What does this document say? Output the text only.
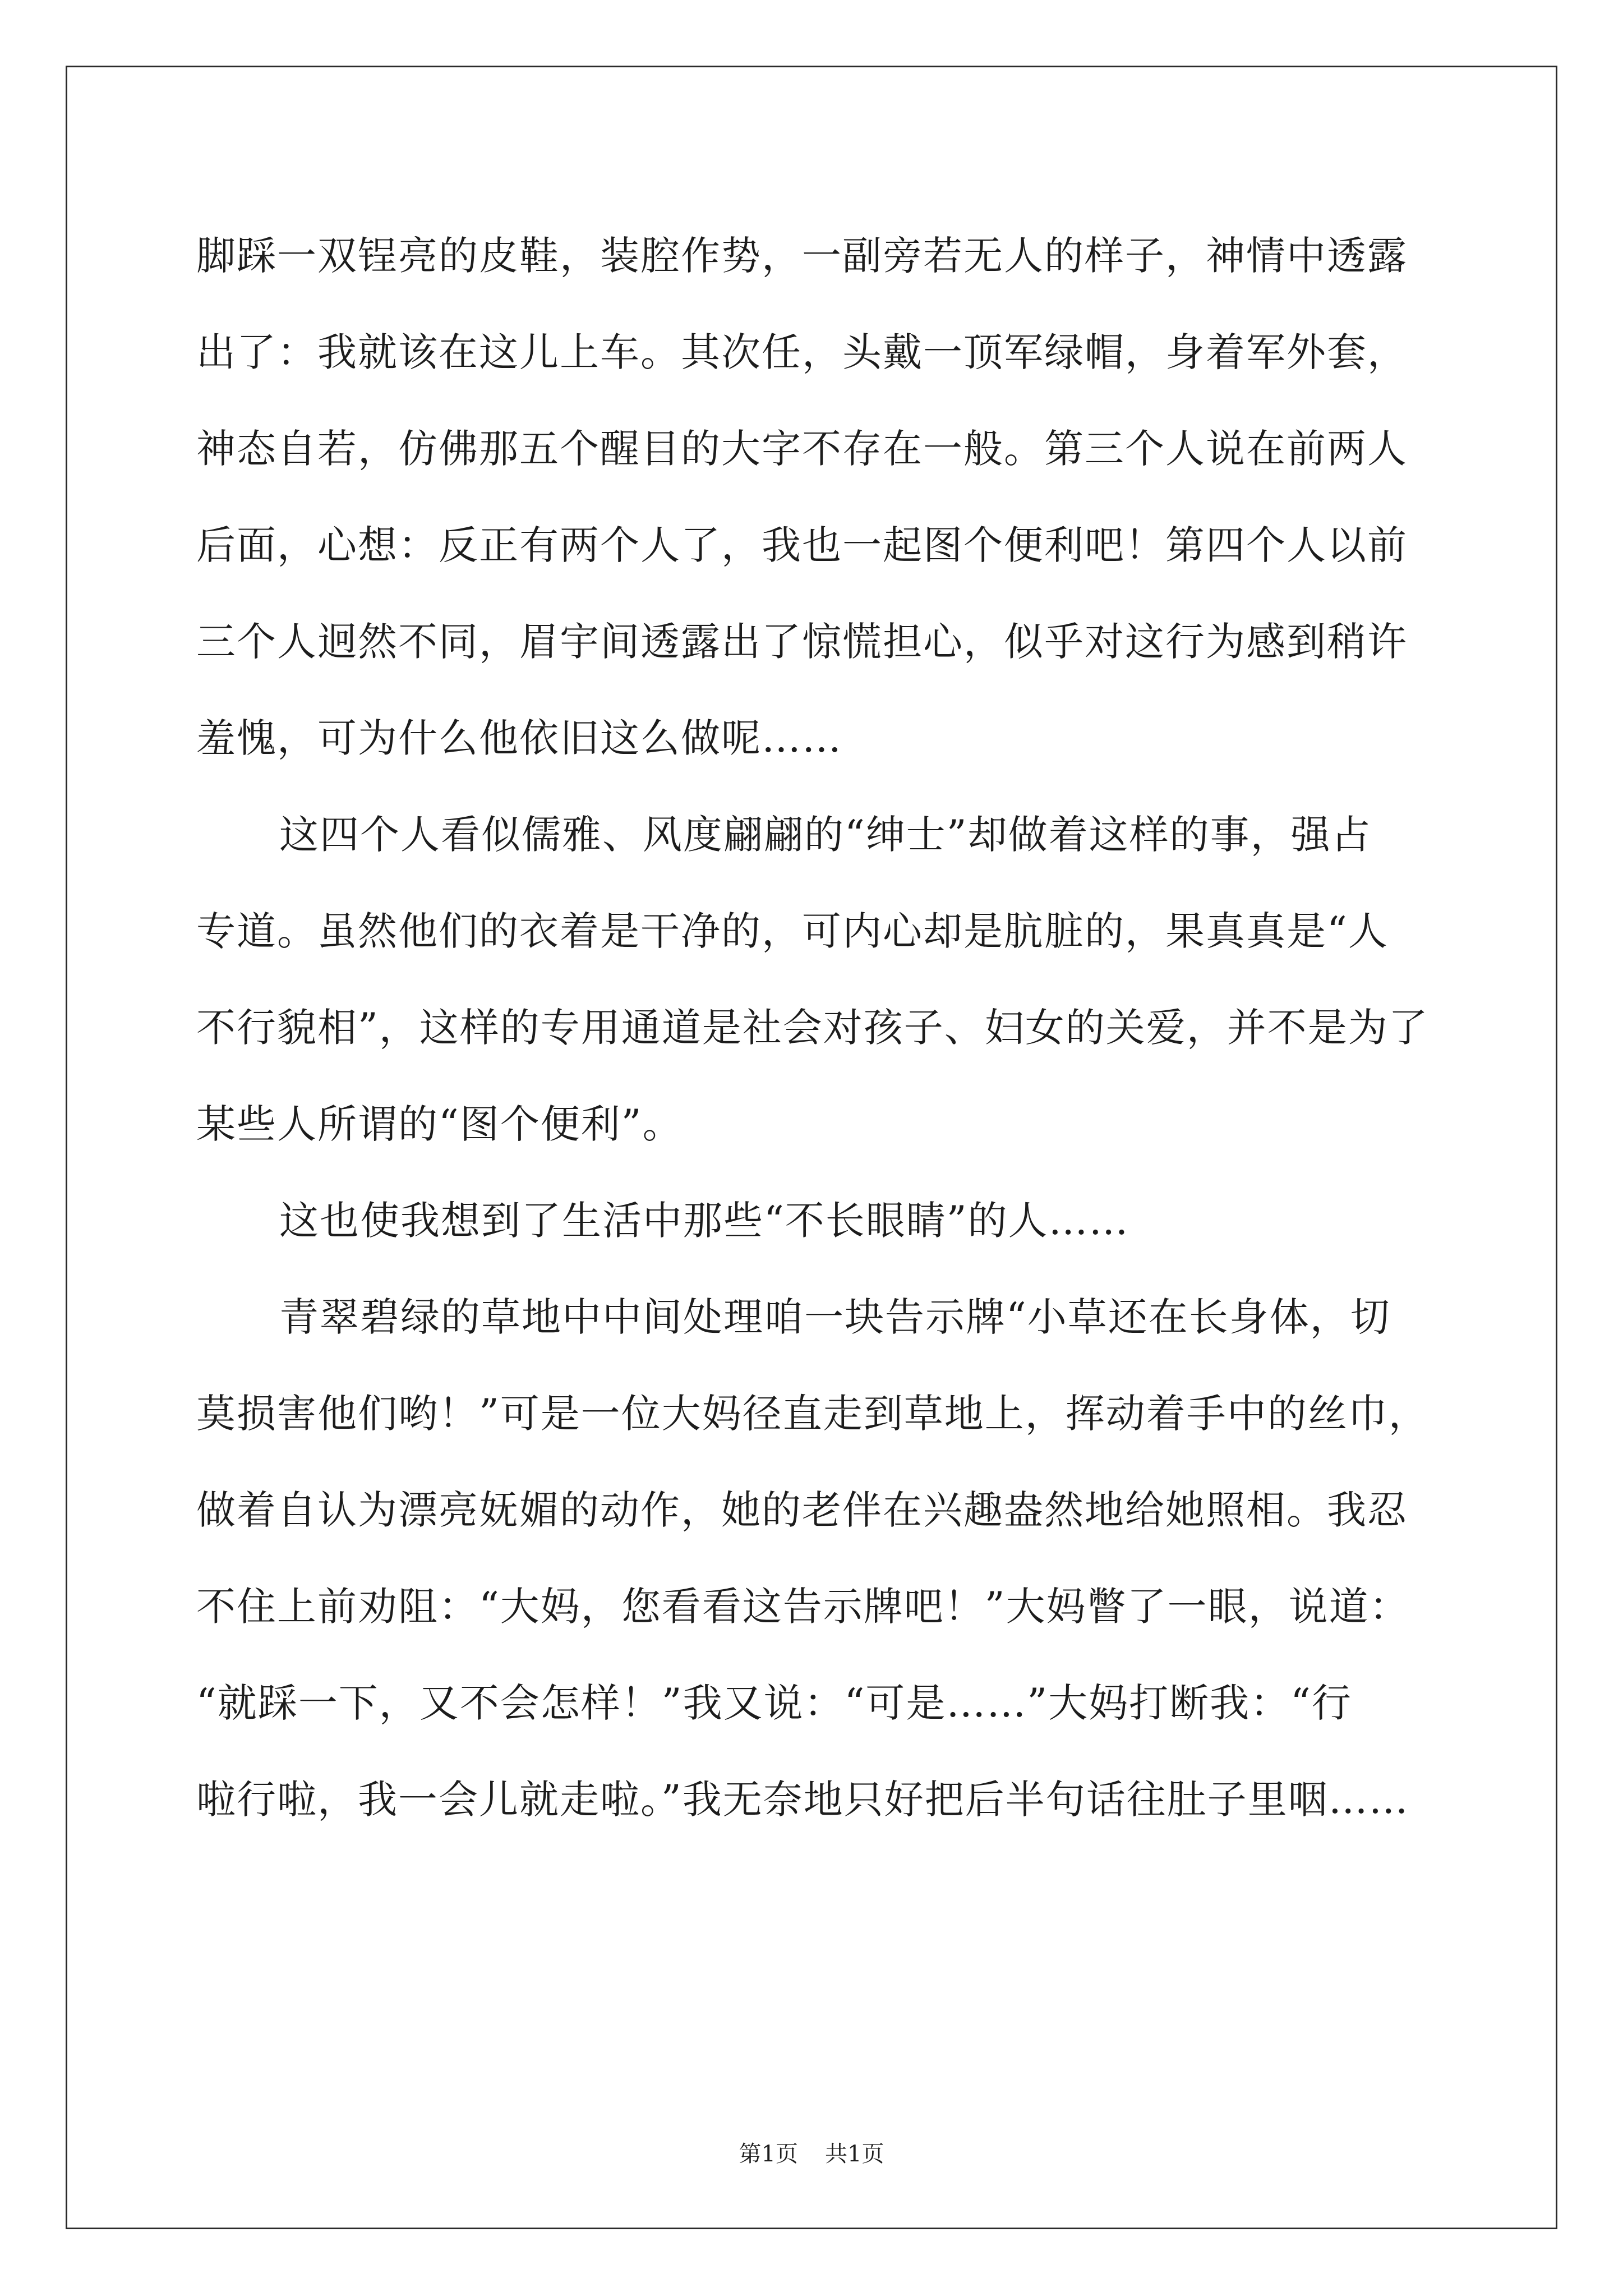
脚踩一双锃亮的皮鞋，装腔作势，一副旁若无人的样子，神情中透露
出了：我就该在这儿上车。其次任，头戴一顶军绿帽，身着军外套，
神态自若，仿佛那五个醒目的大字不存在一般。第三个人说在前两人
后面，心想：反正有两个人了，我也一起图个便利吧！第四个人以前
三个人迥然不同，眉宇间透露出了惊慌担心，似乎对这行为感到稍许
羞愧，可为什么他依旧这么做呢……

这四个人看似儒雅、风度翩翩的“绅士”却做着这样的事，强占
专道。虽然他们的衣着是干净的，可内心却是肮脏的，果真真是“人
不行貌相”，这样的专用通道是社会对孩子、妇女的关爱，并不是为了
某些人所谓的“图个便利”。

这也使我想到了生活中那些“不长眼睛”的人……

青翠碧绿的草地中中间处理咱一块告示牌“小草还在长身体，切
莫损害他们哟！”可是一位大妈径直走到草地上，挥动着手中的丝巾，
做着自认为漂亮妩媚的动作，她的老伴在兴趣盎然地给她照相。我忍
不住上前劝阻：“大妈，您看看这告示牌吧！”大妈瞥了一眼，说道：
“就踩一下，又不会怎样！”我又说：“可是……”大妈打断我：“行
啦行啦，我一会儿就走啦。”我无奈地只好把后半句话往肚子里咽……

第1页 共1页
